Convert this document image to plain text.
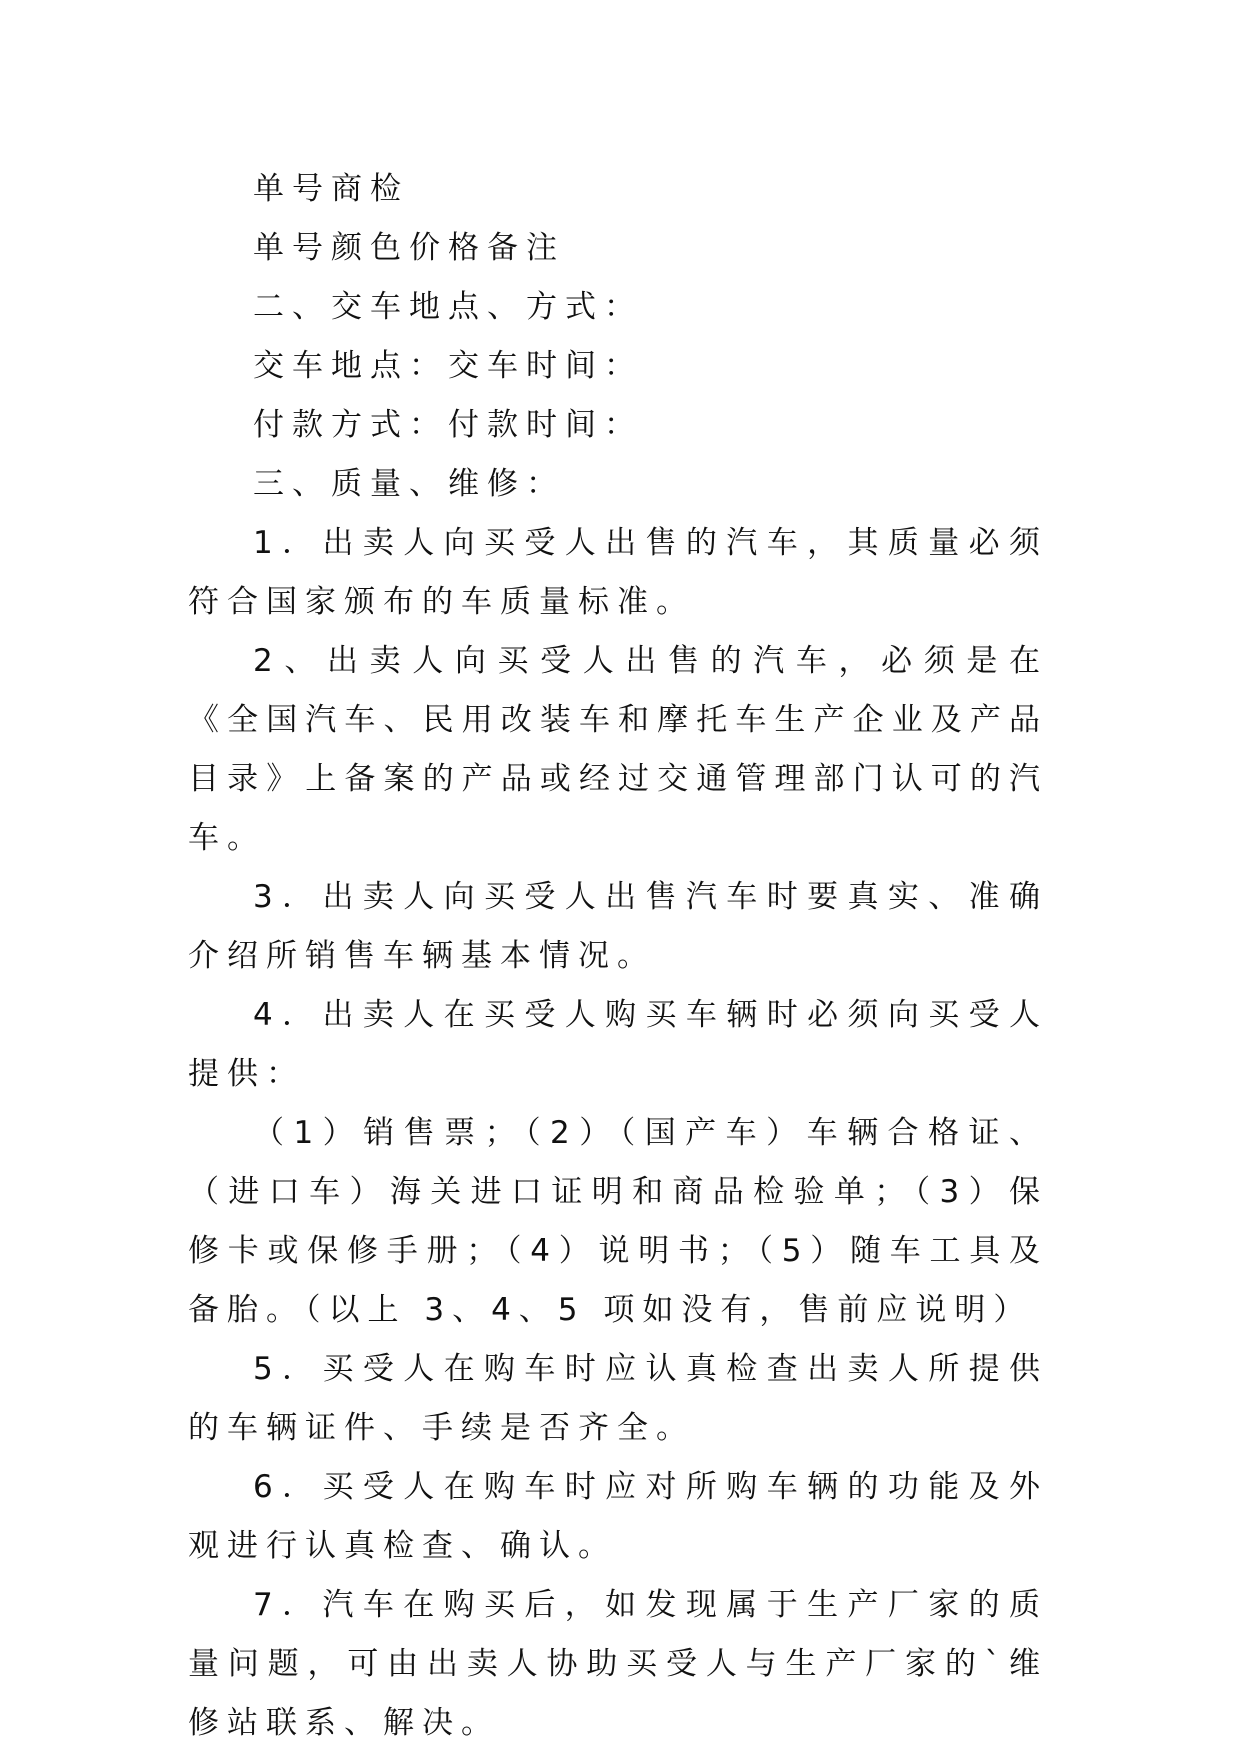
单号商检

单号颜色价格备注

二、交车地点、方式：

交车地点：交车时间：

付款方式：付款时间：

三、质量、维修：

1．出卖人向买受人出售的汽车，其质量必须符合国家颁布的车质量标准。

2、出卖人向买受人出售的汽车，必须是在《全国汽车、民用改装车和摩托车生产企业及产品目录》上备案的产品或经过交通管理部门认可的汽车。

3．出卖人向买受人出售汽车时要真实、准确介绍所销售车辆基本情况。

4．出卖人在买受人购买车辆时必须向买受人提供：

（1）销售票；（2）（国产车）车辆合格证、（进口车）海关进口证明和商品检验单；（3）保修卡或保修手册；（4）说明书；（5）随车工具及备胎。（以上 3、4、5 项如没有，售前应说明）

5．买受人在购车时应认真检查出卖人所提供的车辆证件、手续是否齐全。

6．买受人在购车时应对所购车辆的功能及外观进行认真检查、确认。

7．汽车在购买后，如发现属于生产厂家的质量问题，可由出卖人协助买受人与生产厂家的`维修站联系、解决。
